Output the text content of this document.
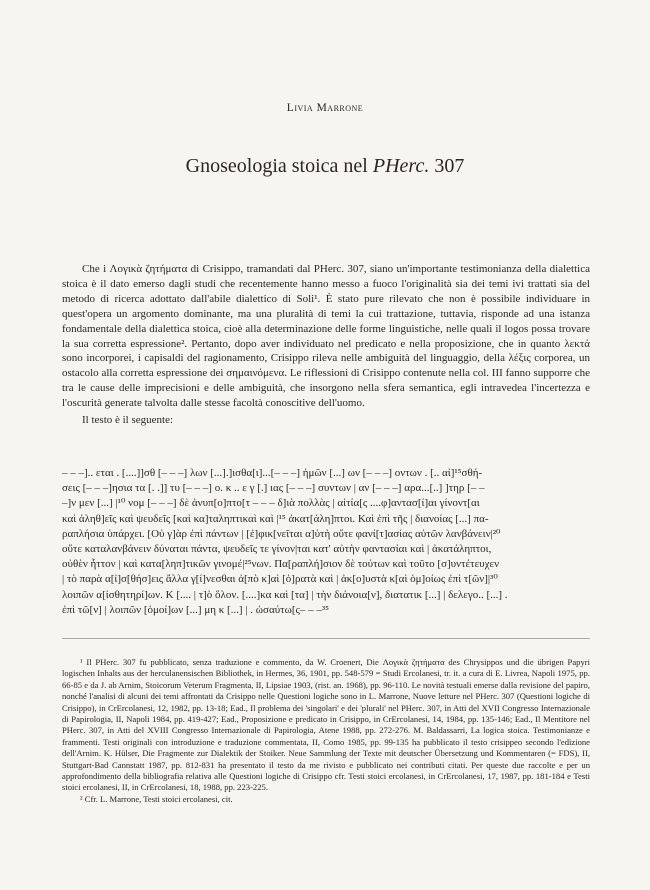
Livia Marrone
Gnoseologia stoica nel PHerc. 307

Che i Λογικὰ ζητήματα di Crisippo, tramandati dal PHerc. 307, siano un'importante testimonianza della dialettica stoica è il dato emerso dagli studi che recentemente hanno messo a fuoco l'originalità sia dei temi ivi trattati sia del metodo di ricerca adottato dall'abile dialettico di Soli¹. È stato pure rilevato che non è possibile individuare in quest'opera un argomento dominante, ma una pluralità di temi la cui trattazione, tuttavia, risponde ad una istanza fondamentale della dialettica stoica, cioè alla determinazione delle forme linguistiche, nelle quali il logos possa trovare la sua corretta espressione². Pertanto, dopo aver individuato nel predicato e nella proposizione, che in quanto λεκτά sono incorporei, i capisaldi del ragionamento, Crisippo rileva nelle ambiguità del linguaggio, della λέξις corporea, un ostacolo alla corretta espressione dei σημαινόμενα. Le riflessioni di Crisippo contenute nella col. III fanno supporre che tra le cause delle imprecisioni e delle ambiguità, che insorgono nella sfera semantica, egli intravedea l'incertezza e l'oscurità generate talvolta dalle stesse facoltà conoscitive dell'uomo.

Il testo è il seguente:

– – –].. εται . [....]]σθ [– – –] λων [...].]ισθα[ι]...[– – –] ἡμῶν [...] ων [– – –] οντων . [.. αἰ]¹⁵σθή-
σεις [– – –]ησια τα [. .]] τυ [– – –] ο. κ .. ε γ [.] ιας [– – –] συντων | αν [– – –] αρα...[..] ]τηρ [– –
–]ν μεν [...] |¹⁰ νομ [– – –] δὲ ἀνυπ[ο]πτο[τ – – – δ]ιὰ πολλὰς | αἰτία[ς ....φ]αντασ[ί]αι γίνοντ[αι
καὶ ἀληθ]εῖς καὶ ψευδεῖς [καὶ κα]ταληπτικαὶ καὶ |¹⁵ ἀκατ[άλη]πτοι. Καὶ ἐπὶ τῆς | διανοίας [...] πα-
ραπλήσια ὑπάρχει. [Οὐ γ]ὰρ ἐπὶ πάντων | [ἐ]φικ[νεῖται α]ὑτὴ οὔτε φανί[τ]ασίας αὐτῶν λανβάνειν|²⁰
οὔτε καταλανβάνειν δύναται πάντα, ψευδεῖς τε γίνον|ται κατ' αὐτὴν φαντασίαι καὶ | ἀκατάληπτοι,
οὐθὲν ἧττον | καὶ κατα[ληπ]τικῶν γινομέ|²⁵νων. Πα[ραπλή]σιον δὲ τούτων καὶ τοῦτο [σ]υντέτευχεν
| τὸ παρὰ α[ἰ]σ[θήσ]εις ἄλλα γ[ί]νεσθαι ἀ[πὸ κ]αὶ [ὁ]ρατὰ καὶ | ἀκ[ο]υστὰ κ[αὶ ὁμ]οίως ἐπὶ τ[ῶν]|³⁰
λοιπῶν α[ἰσθητηρί]ων. Κ [.... | τ]ὸ ὅλον. [....]κα καὶ [τα] | τὴν διάνοια[ν], διατατικ [...] | δελεγο.. [...] .
ἐπὶ τῶ[ν] | λοιπῶν [ὁμοί]ων [...] μη κ [...] | . ὡσαύτω[ς– – –³⁵

¹ Il PHerc. 307 fu pubblicato, senza traduzione e commento, da W. Croenert, Die Λογικὰ ζητήματα des Chrysippos und die übrigen Papyri logischen Inhalts aus der herculanensischen Bibliothek, in Hermes, 36, 1901, pp. 548-579 = Studi Ercolanesi, tr. it. a cura di E. Livrea, Napoli 1975, pp. 66-85 e da J. ab Arnim, Stoicorum Veterum Fragmenta, II, Lipsiae 1903, (rist. an. 1968), pp. 96-110. Le novità testuali emerse dalla revisione del papiro, nonché l'analisi di alcuni dei temi affrontati da Crisippo nelle Questioni logiche sono in L. Marrone, Nuove letture nel PHerc. 307 (Questioni logiche di Crisippo), in CrErcolanesi, 12, 1982, pp. 13-18; Ead., Il problema dei 'singolari' e dei 'plurali' nel PHerc. 307, in Atti del XVII Congresso Internazionale di Papirologia, II, Napoli 1984, pp. 419-427; Ead., Proposizione e predicato in Crisippo, in CrErcolanesi, 14, 1984, pp. 135-146; Ead., Il Mentitore nel PHerc. 307, in Atti del XVIII Congresso Internazionale di Papirologia, Atene 1988, pp. 272-276. M. Baldassarri, La logica stoica. Testimonianze e frammenti. Testi originali con introduzione e traduzione commentata, II, Como 1985, pp. 99-135 ha pubblicato il testo crisippeo secondo l'edizione dell'Arnim. K. Hülser, Die Fragmente zur Dialektik der Stoiker. Neue Sammlung der Texte mit deutscher Übersetzung und Kommentaren (= FDS), II, Stuttgart-Bad Cannstatt 1987, pp. 812-831 ha presentato il testo da me rivisto e pubblicato nei contributi citati. Per queste due raccolte e per un approfondimento della bibliografia relativa alle Questioni logiche di Crisippo cfr. Testi stoici ercolanesi, in CrErcolanesi, 17, 1987, pp. 181-184 e Testi stoici ercolanesi, II, in CrErcolanesi, 18, 1988, pp. 223-225.

² Cfr. L. Marrone, Testi stoici ercolanesi, cit.
